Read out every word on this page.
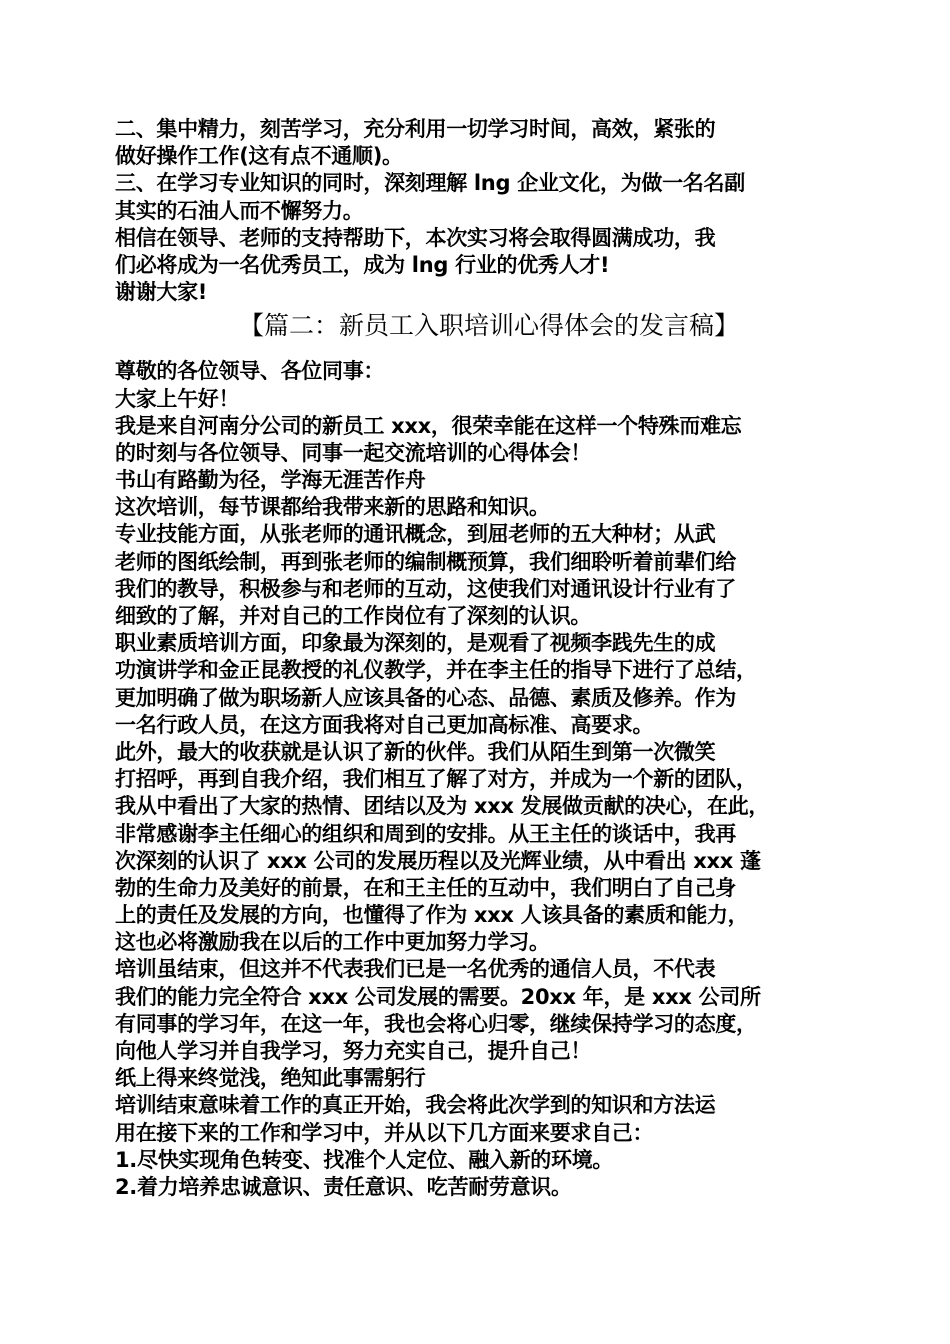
二、集中精力，刻苦学习，充分利用一切学习时间，高效，紧张的
做好操作工作(这有点不通顺)。
三、在学习专业知识的同时，深刻理解 lng 企业文化，为做一名名副
其实的石油人而不懈努力。
相信在领导、老师的支持帮助下，本次实习将会取得圆满成功，我
们必将成为一名优秀员工，成为 lng 行业的优秀人才!
谢谢大家!
【篇二：新员工入职培训心得体会的发言稿】
尊敬的各位领导、各位同事：
大家上午好！
我是来自河南分公司的新员工 xxx，很荣幸能在这样一个特殊而难忘
的时刻与各位领导、同事一起交流培训的心得体会！
书山有路勤为径，学海无涯苦作舟
这次培训，每节课都给我带来新的思路和知识。
专业技能方面，从张老师的通讯概念，到屈老师的五大种材；从武
老师的图纸绘制，再到张老师的编制概预算，我们细聆听着前辈们给
我们的教导，积极参与和老师的互动，这使我们对通讯设计行业有了
细致的了解，并对自己的工作岗位有了深刻的认识。
职业素质培训方面，印象最为深刻的，是观看了视频李践先生的成
功演讲学和金正昆教授的礼仪教学，并在李主任的指导下进行了总结，
更加明确了做为职场新人应该具备的心态、品德、素质及修养。作为
一名行政人员，在这方面我将对自己更加高标准、高要求。
此外，最大的收获就是认识了新的伙伴。我们从陌生到第一次微笑
打招呼，再到自我介绍，我们相互了解了对方，并成为一个新的团队，
我从中看出了大家的热情、团结以及为 xxx 发展做贡献的决心，在此，
非常感谢李主任细心的组织和周到的安排。从王主任的谈话中，我再
次深刻的认识了 xxx 公司的发展历程以及光辉业绩，从中看出 xxx 蓬
勃的生命力及美好的前景，在和王主任的互动中，我们明白了自己身
上的责任及发展的方向，也懂得了作为 xxx 人该具备的素质和能力，
这也必将激励我在以后的工作中更加努力学习。
培训虽结束，但这并不代表我们已是一名优秀的通信人员，不代表
我们的能力完全符合 xxx 公司发展的需要。20xx 年，是 xxx 公司所
有同事的学习年，在这一年，我也会将心归零，继续保持学习的态度，
向他人学习并自我学习，努力充实自己，提升自己！
纸上得来终觉浅，绝知此事需躬行
培训结束意味着工作的真正开始，我会将此次学到的知识和方法运
用在接下来的工作和学习中，并从以下几方面来要求自己：
1.尽快实现角色转变、找准个人定位、融入新的环境。
2.着力培养忠诚意识、责任意识、吃苦耐劳意识。
